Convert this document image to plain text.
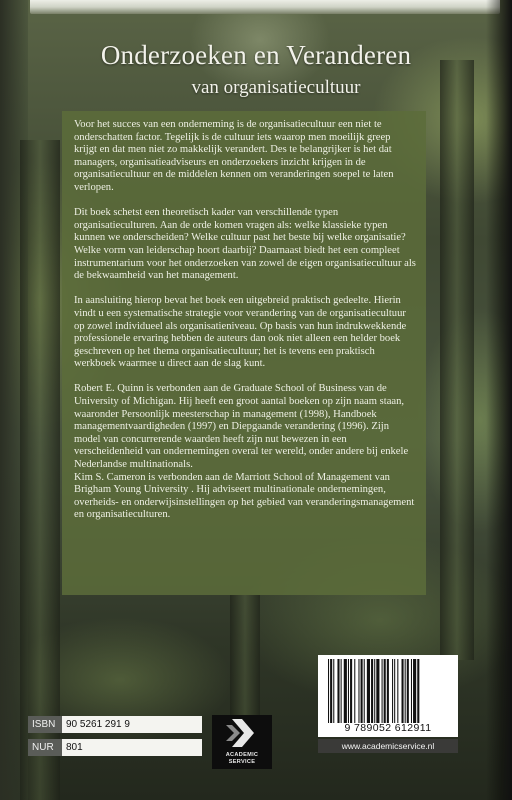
Onderzoeken en Veranderen
van organisatiecultuur

Voor het succes van een onderneming is de organisatiecultuur een niet te onderschatten factor. Tegelijk is de cultuur iets waarop men moeilijk greep krijgt en dat men niet zo makkelijk verandert. Des te belangrijker is het dat managers, organisatieadviseurs en onderzoekers inzicht krijgen in de organisatiecultuur en de middelen kennen om veranderingen soepel te laten verlopen.

Dit boek schetst een theoretisch kader van verschillende typen organisatieculturen. Aan de orde komen vragen als: welke klassieke typen kunnen we onderscheiden? Welke cultuur past het beste bij welke organisatie? Welke vorm van leiderschap hoort daarbij? Daarnaast biedt het een compleet instrumentarium voor het onderzoeken van zowel de eigen organisatiecultuur als de bekwaamheid van het management.

In aansluiting hierop bevat het boek een uitgebreid praktisch gedeelte. Hierin vindt u een systematische strategie voor verandering van de organisatiecultuur op zowel individueel als organisatieniveau. Op basis van hun indrukwekkende professionele ervaring hebben de auteurs dan ook niet alleen een helder boek geschreven op het thema organisatiecultuur; het is tevens een praktisch werkboek waarmee u direct aan de slag kunt.

Robert E. Quinn is verbonden aan de Graduate School of Business van de University of Michigan. Hij heeft een groot aantal boeken op zijn naam staan, waaronder Persoonlijk meesterschap in management (1998), Handboek managementvaardigheden (1997) en Diepgaande verandering (1996). Zijn model van concurrerende waarden heeft zijn nut bewezen in een verscheidenheid van ondernemingen overal ter wereld, onder andere bij enkele Nederlandse multinationals.

Kim S. Cameron is verbonden aan de Marriott School of Management van Brigham Young University . Hij adviseert multinationale ondernemingen, overheids- en onderwijsinstellingen op het gebied van veranderingsmanagement en organisatieculturen.

ISBN	90 5261 291 9
NUR	801
ACADEMIC
SERVICE
9 789052 612911
www.academicservice.nl
